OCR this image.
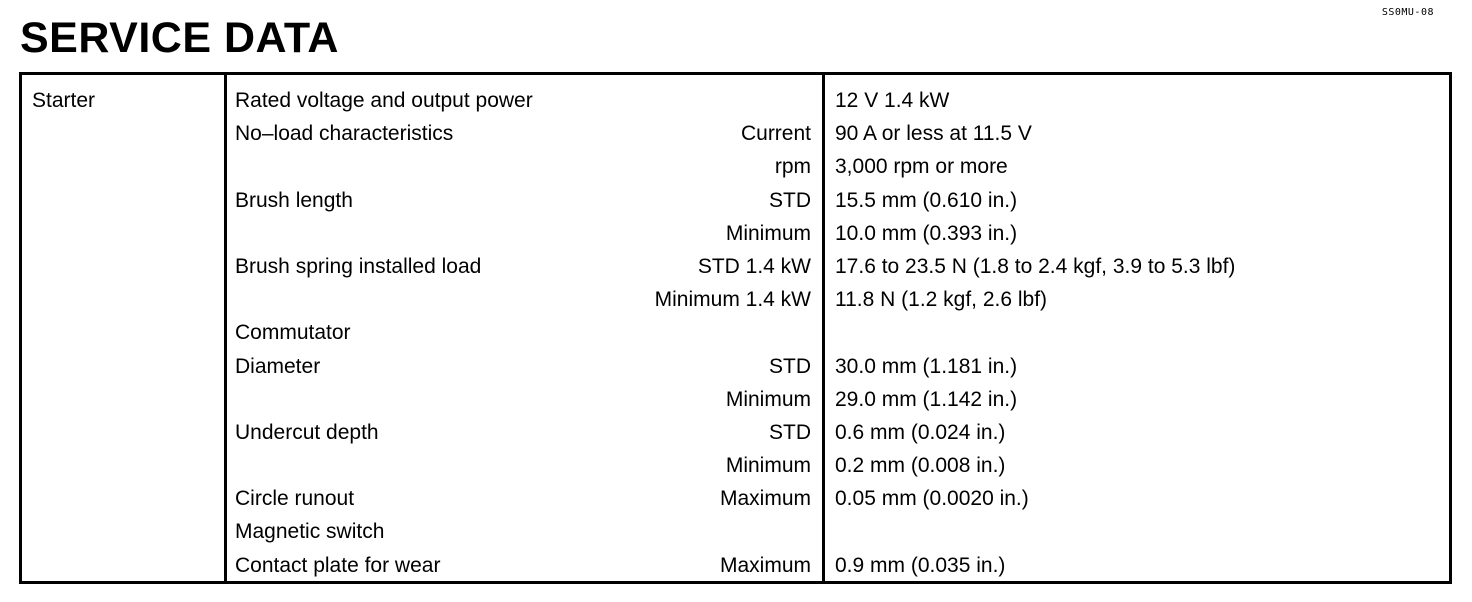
SS0MU-08
SERVICE DATA
Starter	Rated voltage and output power	12 V 1.4 kW
No–load characteristics	Current 90 A or less at 11.5 V
rpm 3,000 rpm or more
Brush length	STD 15.5 mm (0.610 in.)
Minimum 10.0 mm (0.393 in.)
Brush spring installed load	STD 1.4 kW 17.6 to 23.5 N (1.8 to 2.4 kgf, 3.9 to 5.3 lbf)
Minimum 1.4 kW 11.8 N (1.2 kgf, 2.6 lbf)
Commutator
Diameter	STD 30.0 mm (1.181 in.)
Minimum 29.0 mm (1.142 in.)
Undercut depth	STD 0.6 mm (0.024 in.)
Minimum 0.2 mm (0.008 in.)
Circle runout	Maximum 0.05 mm (0.0020 in.)
Magnetic switch
Contact plate for wear	Maximum 0.9 mm (0.035 in.)
